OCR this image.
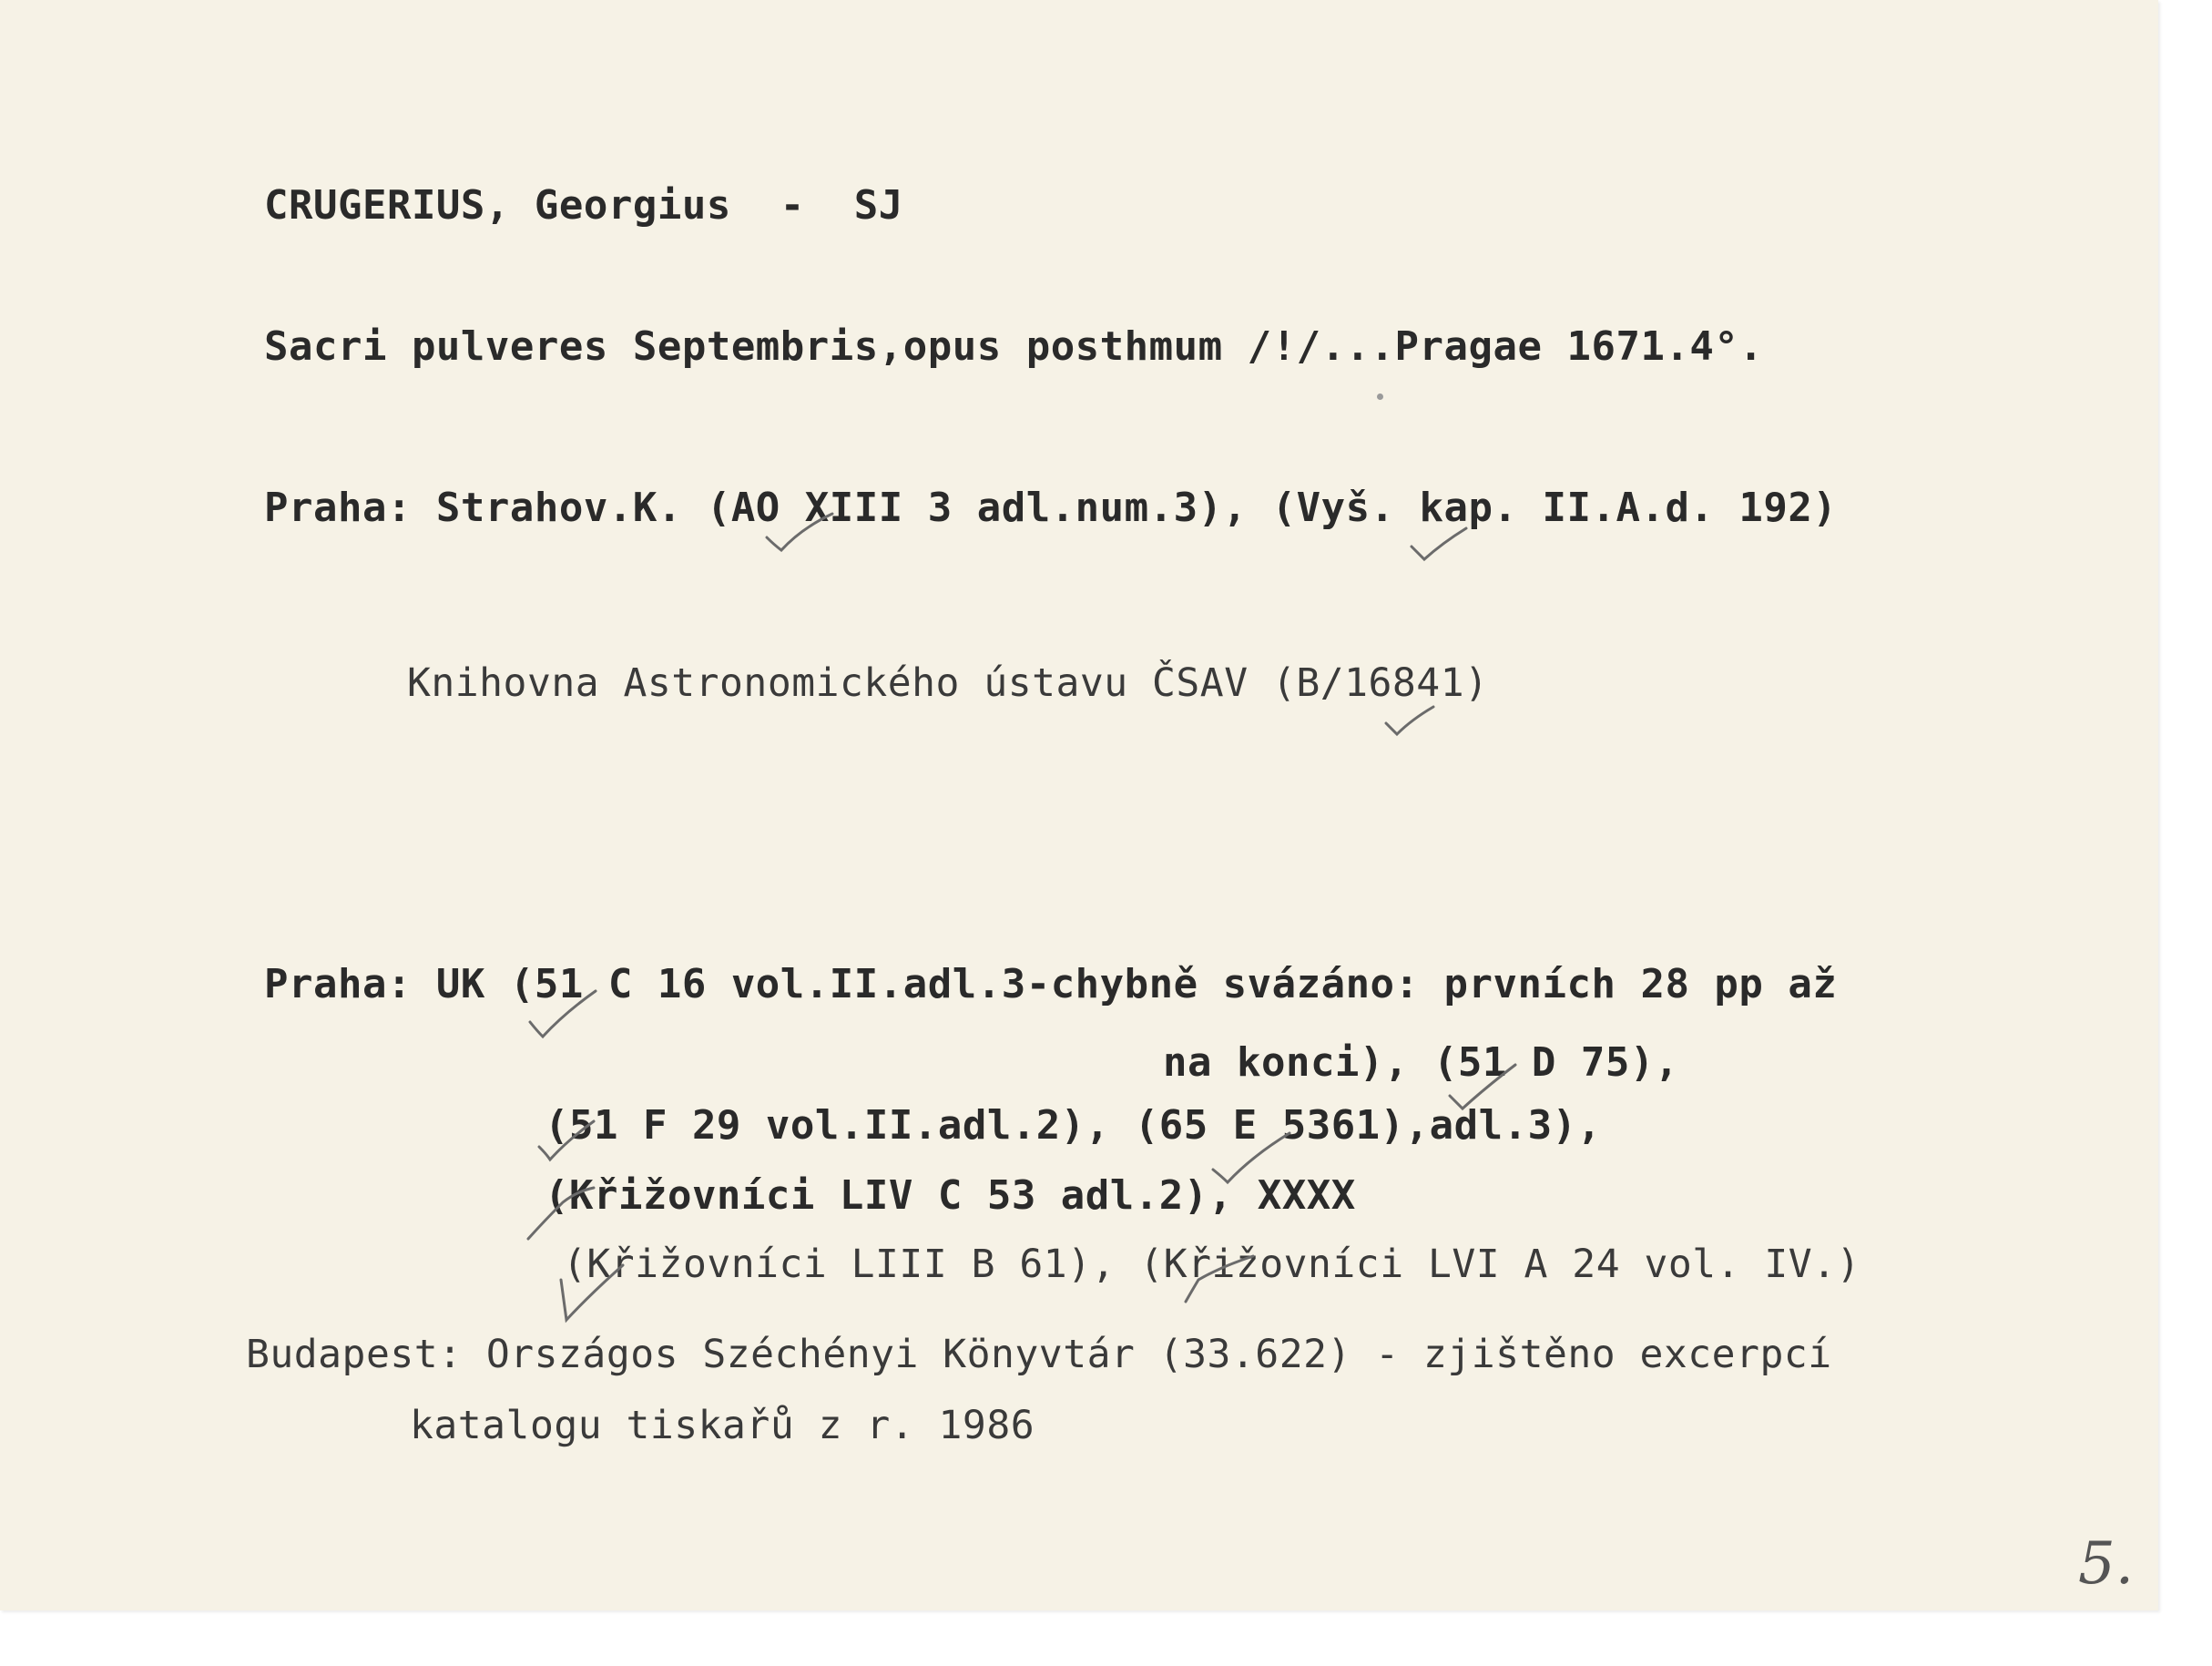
CRUGERIUS, Georgius  -  SJ
Sacri pulveres Septembris,opus posthmum /!/...Pragae 1671.4°.
Praha: Strahov.K. (AO XIII 3 adl.num.3), (Vyš. kap. II.A.d. 192)
Knihovna Astronomického ústavu ČSAV (B/16841)
Praha: UK (51 C 16 vol.II.adl.3-chybně svázáno: prvních 28 pp až
na konci), (51 D 75),
(51 F 29 vol.II.adl.2), (65 E 5361),adl.3),
(Křižovníci LIV C 53 adl.2), XXXX
(Křižovníci LIII B 61), (Křižovníci LVI A 24 vol. IV.)
Budapest: Országos Széchényi Könyvtár (33.622) - zjištěno excerpcí
katalogu tiskařů z r. 1986
5.
